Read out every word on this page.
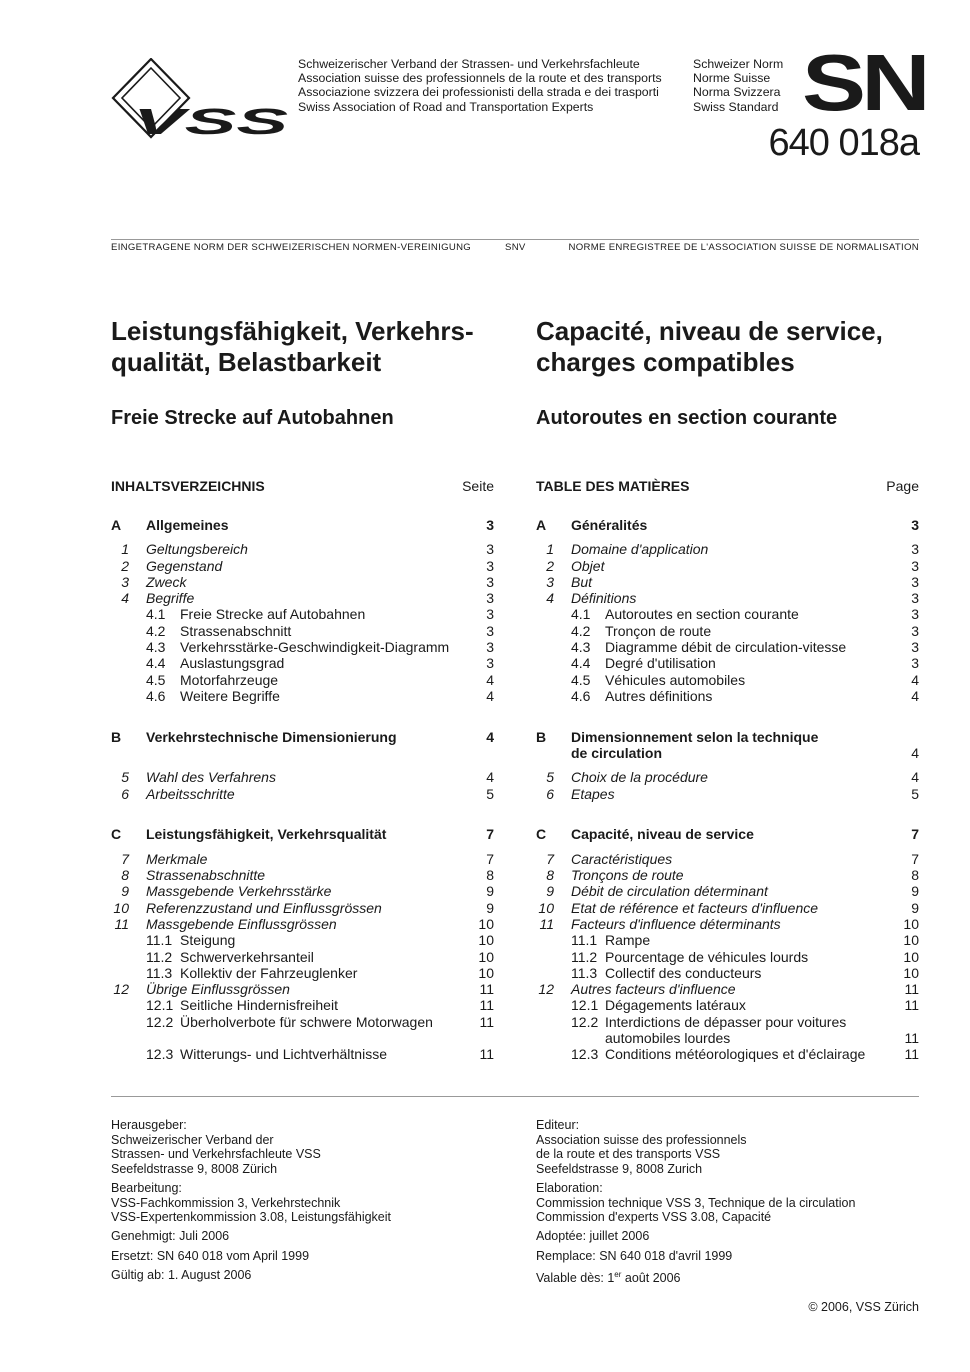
VSS
Schweizerischer Verband der Strassen- und Verkehrsfachleute
Association suisse des professionnels de la route et des transports
Associazione svizzera dei professionisti della strada e dei trasporti
Swiss Association of Road and Transportation Experts
Schweizer Norm
Norme Suisse
Norma Svizzera
Swiss Standard SN
640 018a
EINGETRAGENE NORM DER SCHWEIZERISCHEN NORMEN-VEREINIGUNG	SNV	NORME ENREGISTREE DE L'ASSOCIATION SUISSE DE NORMALISATION
Leistungsfähigkeit, Verkehrs-
qualität, Belastbarkeit
Freie Strecke auf Autobahnen
INHALTSVERZEICHNIS	Seite
A	Allgemeines	3
1 Geltungsbereich	3
2 Gegenstand	3
3 Zweck	3
4 Begriffe	3
4.1 Freie Strecke auf Autobahnen	3
4.2 Strassenabschnitt	3
4.3 Verkehrsstärke-Geschwindigkeit-Diagramm	3
4.4 Auslastungsgrad	3
4.5 Motorfahrzeuge	4
4.6 Weitere Begriffe	4
B	Verkehrstechnische Dimensionierung	4
5 Wahl des Verfahrens	4
6 Arbeitsschritte	5
C	Leistungsfähigkeit, Verkehrsqualität	7
7 Merkmale	7
8 Strassenabschnitte	8
9 Massgebende Verkehrsstärke	9
10 Referenzzustand und Einflussgrössen	9
11 Massgebende Einflussgrössen	10
11.1 Steigung	10
11.2 Schwerverkehrsanteil	10
11.3 Kollektiv der Fahrzeuglenker	10
12 Übrige Einflussgrössen	11
12.1 Seitliche Hindernisfreiheit	11
12.2 Überholverbote für schwere Motorwagen	11
12.3 Witterungs- und Lichtverhältnisse	11
Capacité, niveau de service,
charges compatibles
Autoroutes en section courante
TABLE DES MATIÈRES	Page
A	Généralités	3
1 Domaine d'application	3
2 Objet	3
3 But	3
4 Définitions	3
4.1 Autoroutes en section courante	3
4.2 Tronçon de route	3
4.3 Diagramme débit de circulation-vitesse	3
4.4 Degré d'utilisation	3
4.5 Véhicules automobiles	4
4.6 Autres définitions	4
B	Dimensionnement selon la technique
de circulation	4
5 Choix de la procédure	4
6 Etapes	5
C	Capacité, niveau de service	7
7 Caractéristiques	7
8 Tronçons de route	8
9 Débit de circulation déterminant	9
10 Etat de référence et facteurs d'influence	9
11 Facteurs d'influence déterminants	10
11.1 Rampe	10
11.2 Pourcentage de véhicules lourds	10
11.3 Collectif des conducteurs	10
12 Autres facteurs d'influence	11
12.1 Dégagements latéraux	11
12.2 Interdictions de dépasser pour voitures
automobiles lourdes	11
12.3 Conditions météorologiques et d'éclairage	11

Herausgeber:
Schweizerischer Verband der
Strassen- und Verkehrsfachleute VSS
Seefeldstrasse 9, 8008 Zürich

Bearbeitung:
VSS-Fachkommission 3, Verkehrstechnik
VSS-Expertenkommission 3.08, Leistungsfähigkeit

Genehmigt: Juli 2006

Ersetzt: SN 640 018 vom April 1999

Gültig ab: 1. August 2006

Editeur:
Association suisse des professionnels
de la route et des transports VSS
Seefeldstrasse 9, 8008 Zurich

Elaboration:
Commission technique VSS 3, Technique de la circulation
Commission d'experts VSS 3.08, Capacité

Adoptée: juillet 2006

Remplace: SN 640 018 d'avril 1999

Valable dès: 1er août 2006

© 2006, VSS Zürich
